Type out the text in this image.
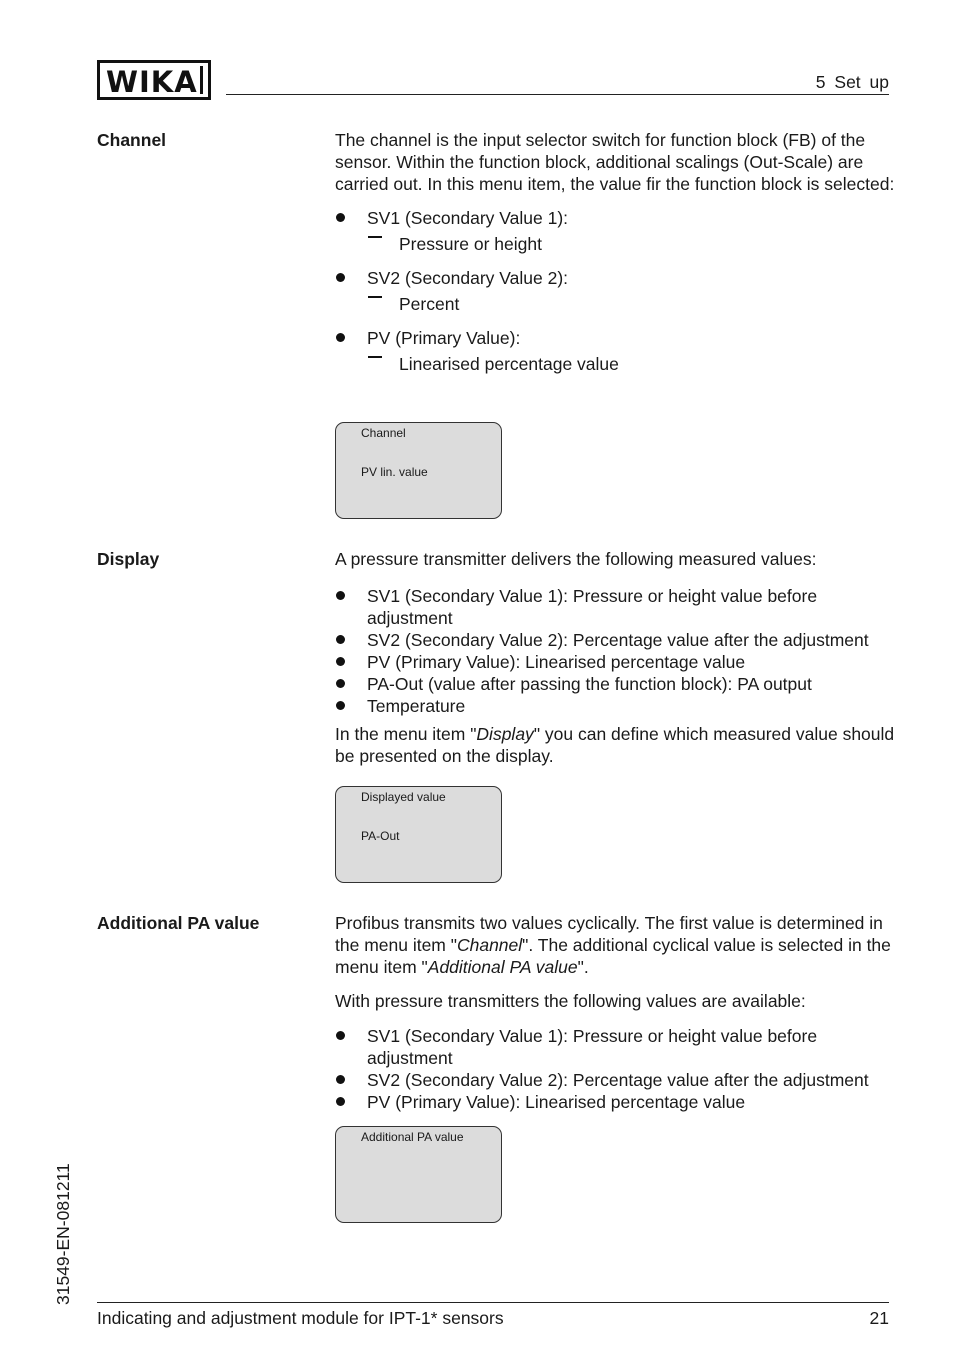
WIKA	5 Set up
Channel	The channel is the input selector switch for function block (FB) of the sensor. Within the function block, additional scalings (Out-Scale) are carried out. In this menu item, the value fir the function block is selected:

SV1 (Secondary Value 1):
Pressure or height
SV2 (Secondary Value 2):
Percent
PV (Primary Value):
Linearised percentage value
Channel
PV lin. value
Display	A pressure transmitter delivers the following measured values:

SV1 (Secondary Value 1): Pressure or height value before adjustment
SV2 (Secondary Value 2): Percentage value after the adjustment
PV (Primary Value): Linearised percentage value
PA-Out (value after passing the function block): PA output
Temperature

In the menu item "Display" you can define which measured value should be presented on the display.

Displayed value
PA-Out
Additional PA value	Profibus transmits two values cyclically. The first value is determined in the menu item "Channel". The additional cyclical value is selected in the menu item "Additional PA value".

With pressure transmitters the following values are available:

SV1 (Secondary Value 1): Pressure or height value before adjustment
SV2 (Secondary Value 2): Percentage value after the adjustment
PV (Primary Value): Linearised percentage value
Additional PA value
31549-EN-081211
Indicating and adjustment module for IPT-1* sensors	21
